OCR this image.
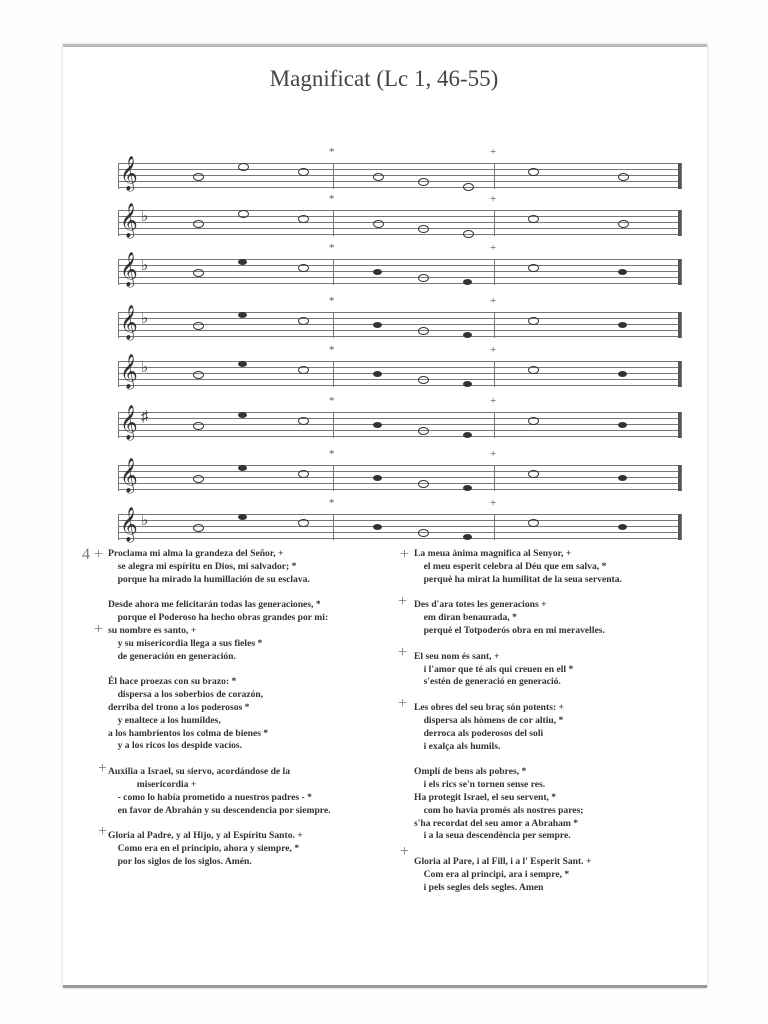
Magnificat (Lc 1, 46-55)
𝄞
*	+
𝄞 ♭
*	+
𝄞 ♭
*	+
𝄞 ♭
*	+
𝄞 ♭
*	+
𝄞 ♯
*	+
𝄞
*	+
𝄞 ♭
*	+

Proclama mi alma la grandeza del Señor, +

se alegra mi espíritu en Dios, mi salvador; *

porque ha mirado la humillación de su esclava.

Desde ahora me felicitarán todas las generaciones, *

porque el Poderoso ha hecho obras grandes por mi:

su nombre es santo, +

y su misericordia llega a sus fieles *

de generación en generación.

Él hace proezas con su brazo: *

dispersa a los soberbios de corazón,

derriba del trono a los poderosos *

y enaltece a los humildes,

a los hambrientos los colma de bienes *

y a los ricos los despide vacíos.

Auxilia a Israel, su siervo, acordándose de la

misericordia +

- como lo había prometido a nuestros padres - *

en favor de Abrahán y su descendencia por siempre.

Gloria al Padre, y al Hijo, y al Espíritu Santo. +

Como era en el principio, ahora y siempre, *

por los siglos de los siglos. Amén.

La meua ànima magnifica al Senyor, +

el meu esperit celebra al Déu que em salva, *

perquè ha mirat la humilitat de la seua serventa.

Des d'ara totes les generacions +

em diran benaurada, *

perquè el Totpoderós obra en mi meravelles.

El seu nom és sant, +

i l'amor que té als qui creuen en ell *

s'estén de generació en generació.

Les obres del seu braç són potents: +

dispersa als hòmens de cor altiu, *

derroca als poderosos del soli

i exalça als humils.

Omplí de bens als pobres, *

i els rics se'n tornen sense res.

Ha protegit Israel, el seu servent, *

com ho havia promés als nostres pares;

s'ha recordat del seu amor a Abraham *

i a la seua descendència per sempre.

Gloria al Pare, i al Fill, i a l' Esperit Sant. +

Com era al principi, ara i sempre, *

i pels segles dels segles. Amen

4 +
+
+
+
+
+
+
+
+
